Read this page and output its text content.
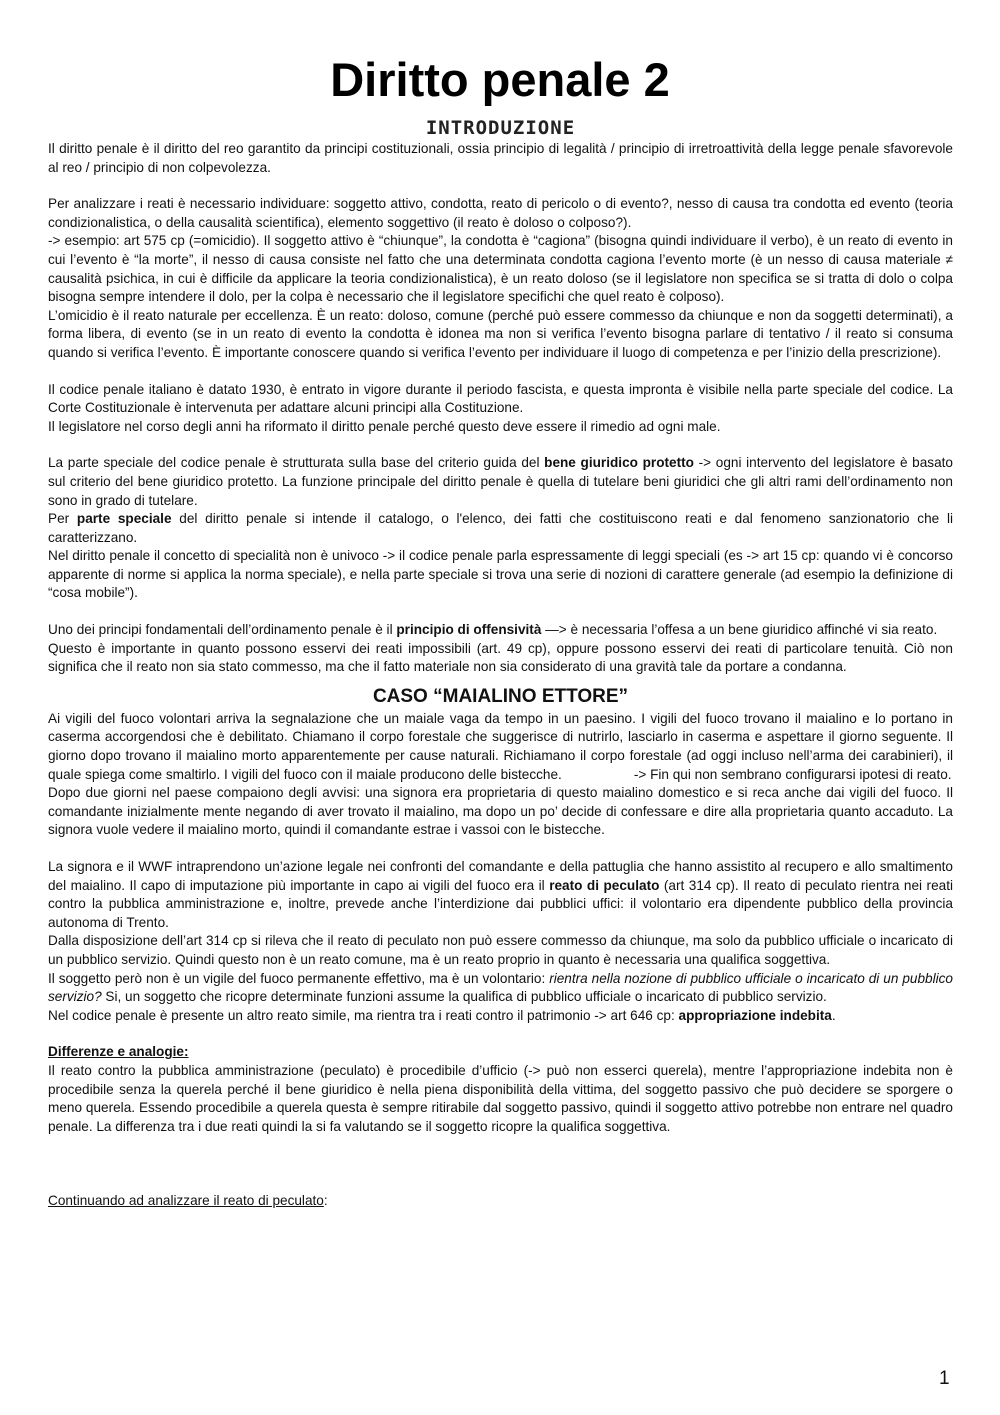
Diritto penale 2
INTRODUZIONE

Il diritto penale è il diritto del reo garantito da principi costituzionali, ossia principio di legalità / principio di irretroattività della legge penale sfavorevole al reo / principio di non colpevolezza.

Per analizzare i reati è necessario individuare: soggetto attivo, condotta, reato di pericolo o di evento?, nesso di causa tra condotta ed evento (teoria condizionalistica, o della causalità scientifica), elemento soggettivo (il reato è doloso o colposo?).

-> esempio: art 575 cp (=omicidio). Il soggetto attivo è “chiunque”, la condotta è “cagiona” (bisogna quindi individuare il verbo), è un reato di evento in cui l’evento è “la morte”, il nesso di causa consiste nel fatto che una determinata condotta cagiona l’evento morte (è un nesso di causa materiale ≠ causalità psichica, in cui è difficile da applicare la teoria condizionalistica), è un reato doloso (se il legislatore non specifica se si tratta di dolo o colpa bisogna sempre intendere il dolo, per la colpa è necessario che il legislatore specifichi che quel reato è colposo).

L’omicidio è il reato naturale per eccellenza. È un reato: doloso, comune (perché può essere commesso da chiunque e non da soggetti determinati), a forma libera, di evento (se in un reato di evento la condotta è idonea ma non si verifica l’evento bisogna parlare di tentativo / il reato si consuma quando si verifica l’evento. È importante conoscere quando si verifica l’evento per individuare il luogo di competenza e per l’inizio della prescrizione).

Il codice penale italiano è datato 1930, è entrato in vigore durante il periodo fascista, e questa impronta è visibile nella parte speciale del codice. La Corte Costituzionale è intervenuta per adattare alcuni principi alla Costituzione.

Il legislatore nel corso degli anni ha riformato il diritto penale perché questo deve essere il rimedio ad ogni male.

La parte speciale del codice penale è strutturata sulla base del criterio guida del bene giuridico protetto -> ogni intervento del legislatore è basato sul criterio del bene giuridico protetto. La funzione principale del diritto penale è quella di tutelare beni giuridici che gli altri rami dell’ordinamento non sono in grado di tutelare.

Per parte speciale del diritto penale si intende il catalogo, o l'elenco, dei fatti che costituiscono reati e dal fenomeno sanzionatorio che li caratterizzano.

Nel diritto penale il concetto di specialità non è univoco -> il codice penale parla espressamente di leggi speciali (es -> art 15 cp: quando vi è concorso apparente di norme si applica la norma speciale), e nella parte speciale si trova una serie di nozioni di carattere generale (ad esempio la definizione di “cosa mobile”).

Uno dei principi fondamentali dell’ordinamento penale è il principio di offensività —> è necessaria l’offesa a un bene giuridico affinché vi sia reato.

Questo è importante in quanto possono esservi dei reati impossibili (art. 49 cp), oppure possono esservi dei reati di particolare tenuità. Ciò non significa che il reato non sia stato commesso, ma che il fatto materiale non sia considerato di una gravità tale da portare a condanna.

CASO “MAIALINO ETTORE”

Ai vigili del fuoco volontari arriva la segnalazione che un maiale vaga da tempo in un paesino. I vigili del fuoco trovano il maialino e lo portano in caserma accorgendosi che è debilitato. Chiamano il corpo forestale che suggerisce di nutrirlo, lasciarlo in caserma e aspettare il giorno seguente. Il giorno dopo trovano il maialino morto apparentemente per cause naturali. Richiamano il corpo forestale (ad oggi incluso nell’arma dei carabinieri), il quale spiega come smaltirlo. I vigili del fuoco con il maiale producono delle bistecche.	-> Fin qui non sembrano configurarsi ipotesi di reato.

Dopo due giorni nel paese compaiono degli avvisi: una signora era proprietaria di questo maialino domestico e si reca anche dai vigili del fuoco. Il comandante inizialmente mente negando di aver trovato il maialino, ma dopo un po’ decide di confessare e dire alla proprietaria quanto accaduto. La signora vuole vedere il maialino morto, quindi il comandante estrae i vassoi con le bistecche.

La signora e il WWF intraprendono un’azione legale nei confronti del comandante e della pattuglia che hanno assistito al recupero e allo smaltimento del maialino. Il capo di imputazione più importante in capo ai vigili del fuoco era il reato di peculato (art 314 cp). Il reato di peculato rientra nei reati contro la pubblica amministrazione e, inoltre, prevede anche l’interdizione dai pubblici uffici: il volontario era dipendente pubblico della provincia autonoma di Trento.

Dalla disposizione dell’art 314 cp si rileva che il reato di peculato non può essere commesso da chiunque, ma solo da pubblico ufficiale o incaricato di un pubblico servizio. Quindi questo non è un reato comune, ma è un reato proprio in quanto è necessaria una qualifica soggettiva.

Il soggetto però non è un vigile del fuoco permanente effettivo, ma è un volontario: rientra nella nozione di pubblico ufficiale o incaricato di un pubblico servizio? Si, un soggetto che ricopre determinate funzioni assume la qualifica di pubblico ufficiale o incaricato di pubblico servizio.

Nel codice penale è presente un altro reato simile, ma rientra tra i reati contro il patrimonio -> art 646 cp: appropriazione indebita.

Differenze e analogie:

Il reato contro la pubblica amministrazione (peculato) è procedibile d’ufficio (-> può non esserci querela), mentre l’appropriazione indebita non è procedibile senza la querela perché il bene giuridico è nella piena disponibilità della vittima, del soggetto passivo che può decidere se sporgere o meno querela. Essendo procedibile a querela questa è sempre ritirabile dal soggetto passivo, quindi il soggetto attivo potrebbe non entrare nel quadro penale. La differenza tra i due reati quindi la si fa valutando se il soggetto ricopre la qualifica soggettiva.

Continuando ad analizzare il reato di peculato:

1
